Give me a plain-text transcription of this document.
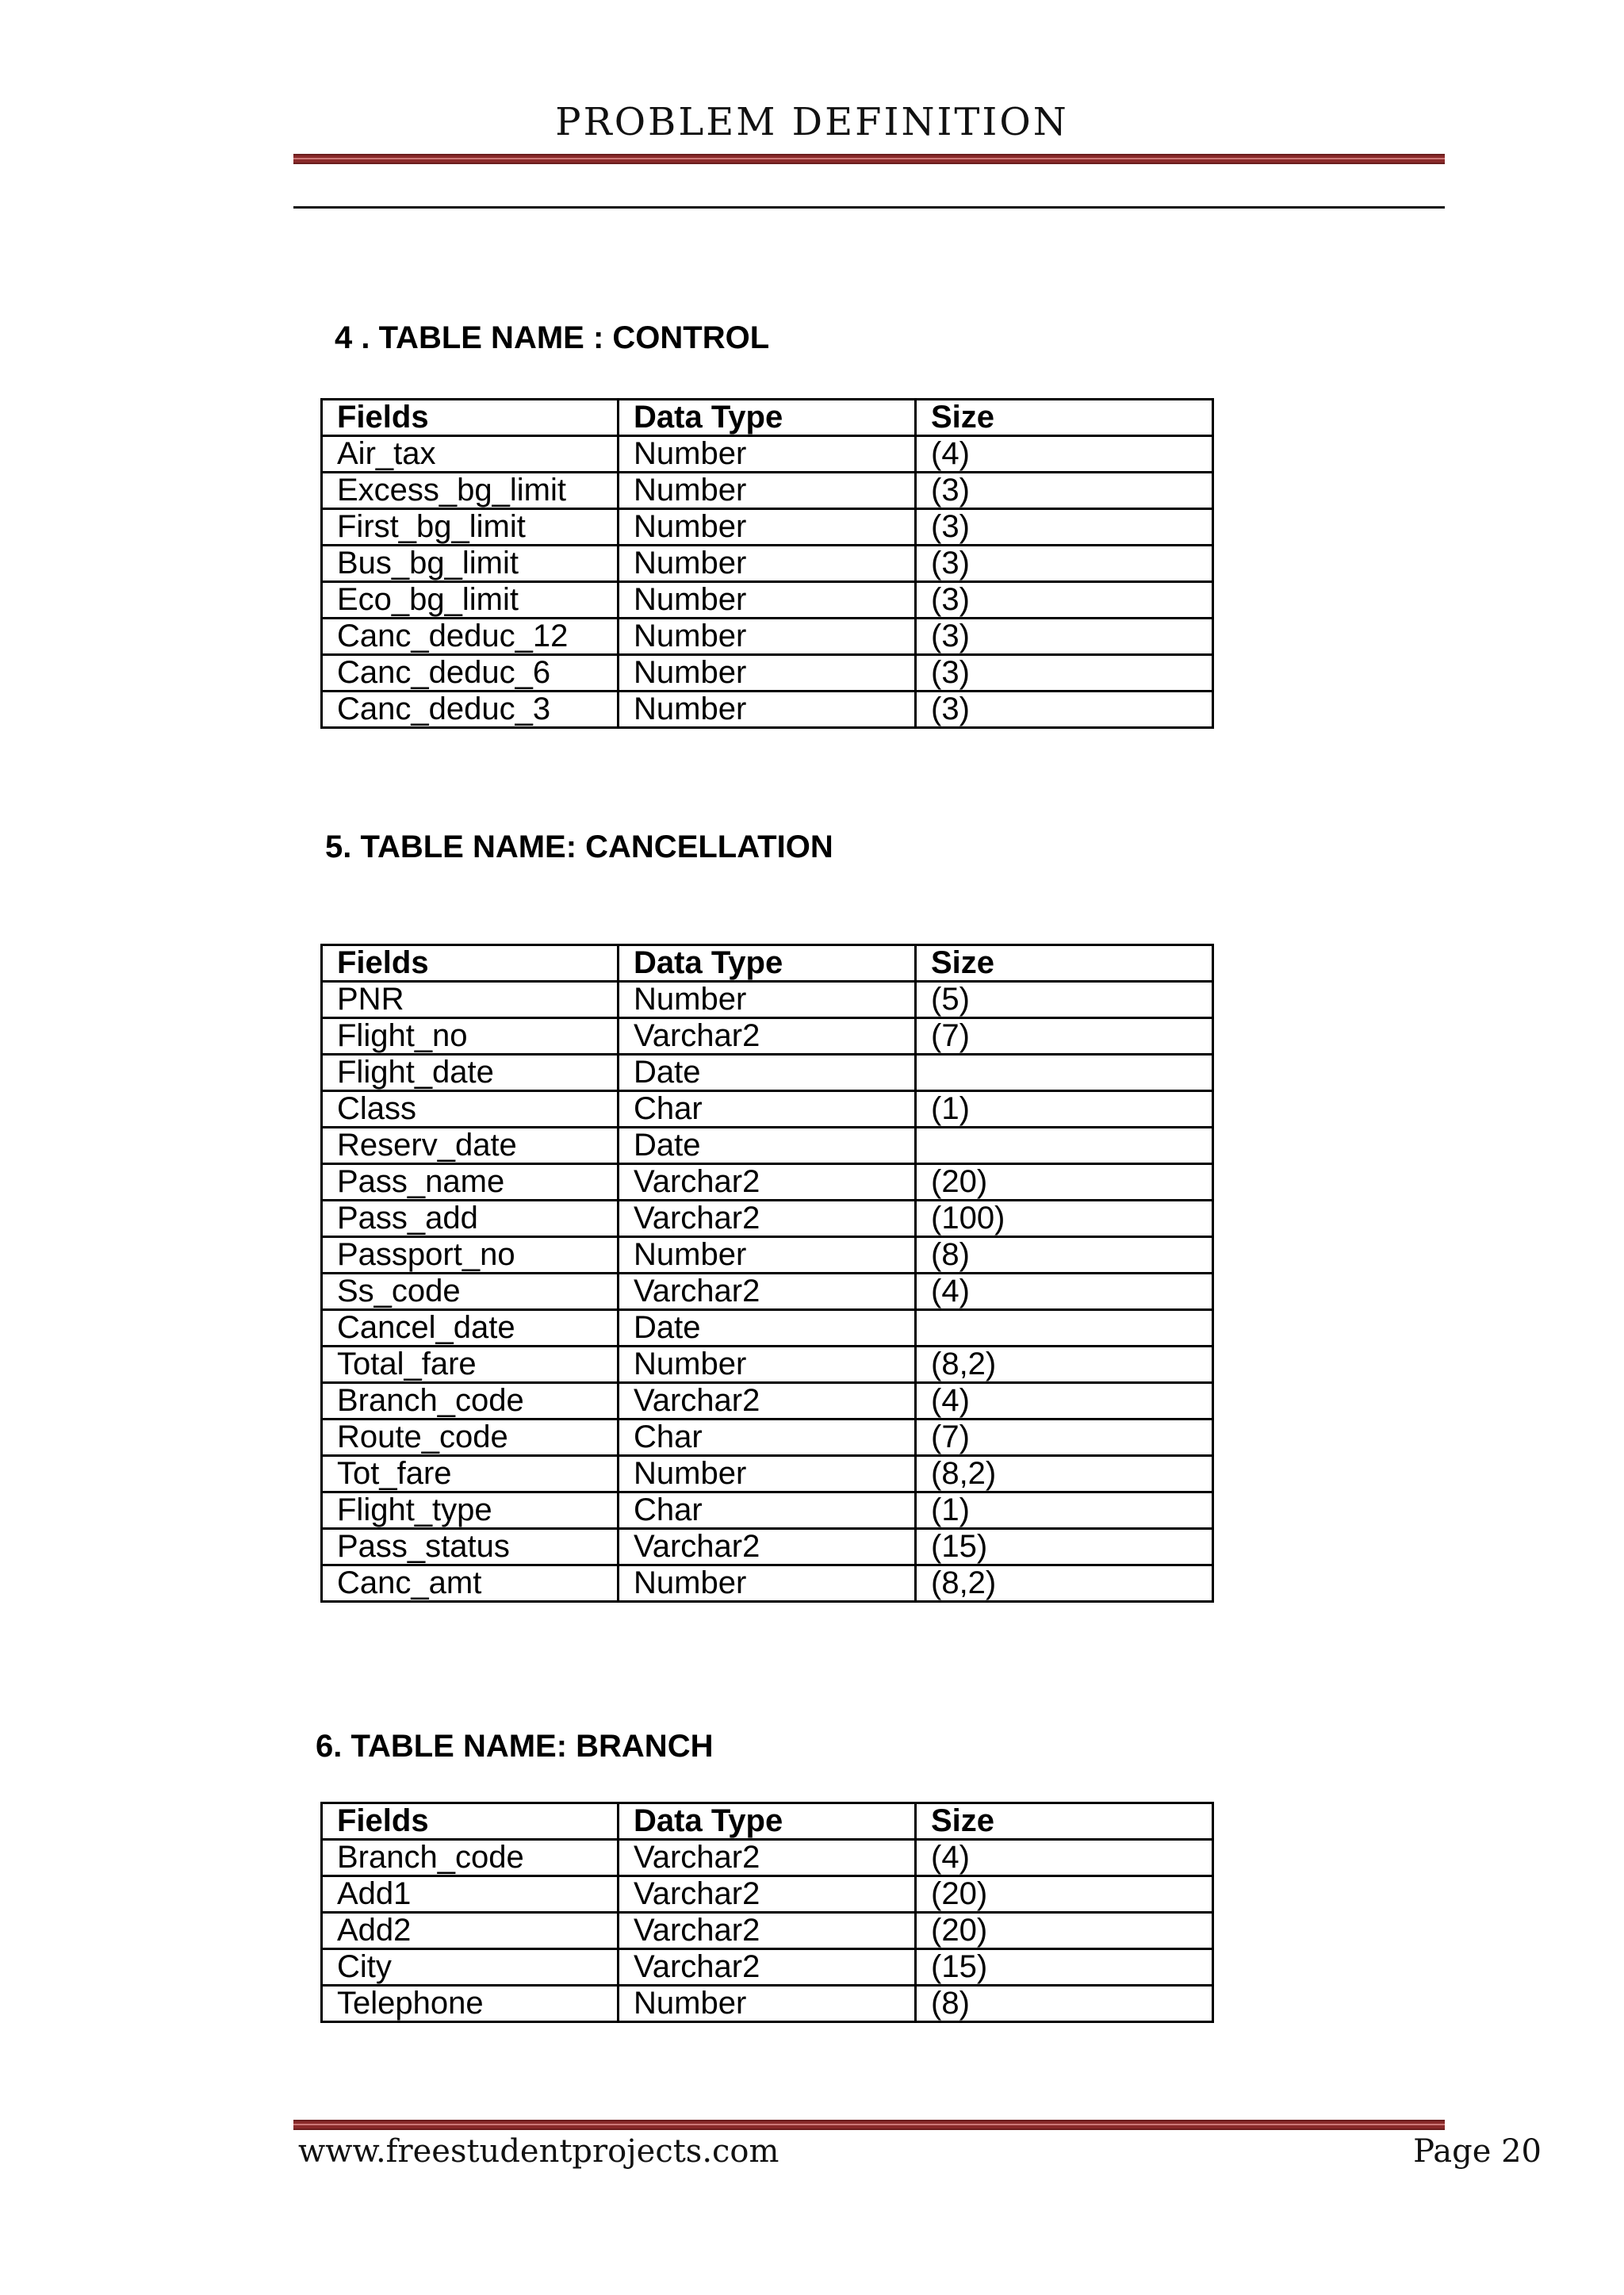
PROBLEM DEFINITION
4 . TABLE NAME : CONTROL
Fields	Data Type	Size
Air_tax	Number	(4)
Excess_bg_limit	Number	(3)
First_bg_limit	Number	(3)
Bus_bg_limit	Number	(3)
Eco_bg_limit	Number	(3)
Canc_deduc_12	Number	(3)
Canc_deduc_6	Number	(3)
Canc_deduc_3	Number	(3)
5. TABLE NAME: CANCELLATION
Fields	Data Type	Size
PNR	Number	(5)
Flight_no	Varchar2	(7)
Flight_date	Date	
Class	Char	(1)
Reserv_date	Date	
Pass_name	Varchar2	(20)
Pass_add	Varchar2	(100)
Passport_no	Number	(8)
Ss_code	Varchar2	(4)
Cancel_date	Date	
Total_fare	Number	(8,2)
Branch_code	Varchar2	(4)
Route_code	Char	(7)
Tot_fare	Number	(8,2)
Flight_type	Char	(1)
Pass_status	Varchar2	(15)
Canc_amt	Number	(8,2)
6. TABLE NAME: BRANCH
Fields	Data Type	Size
Branch_code	Varchar2	(4)
Add1	Varchar2	(20)
Add2	Varchar2	(20)
City	Varchar2	(15)
Telephone	Number	(8)
www.freestudentprojects.com	Page 20
